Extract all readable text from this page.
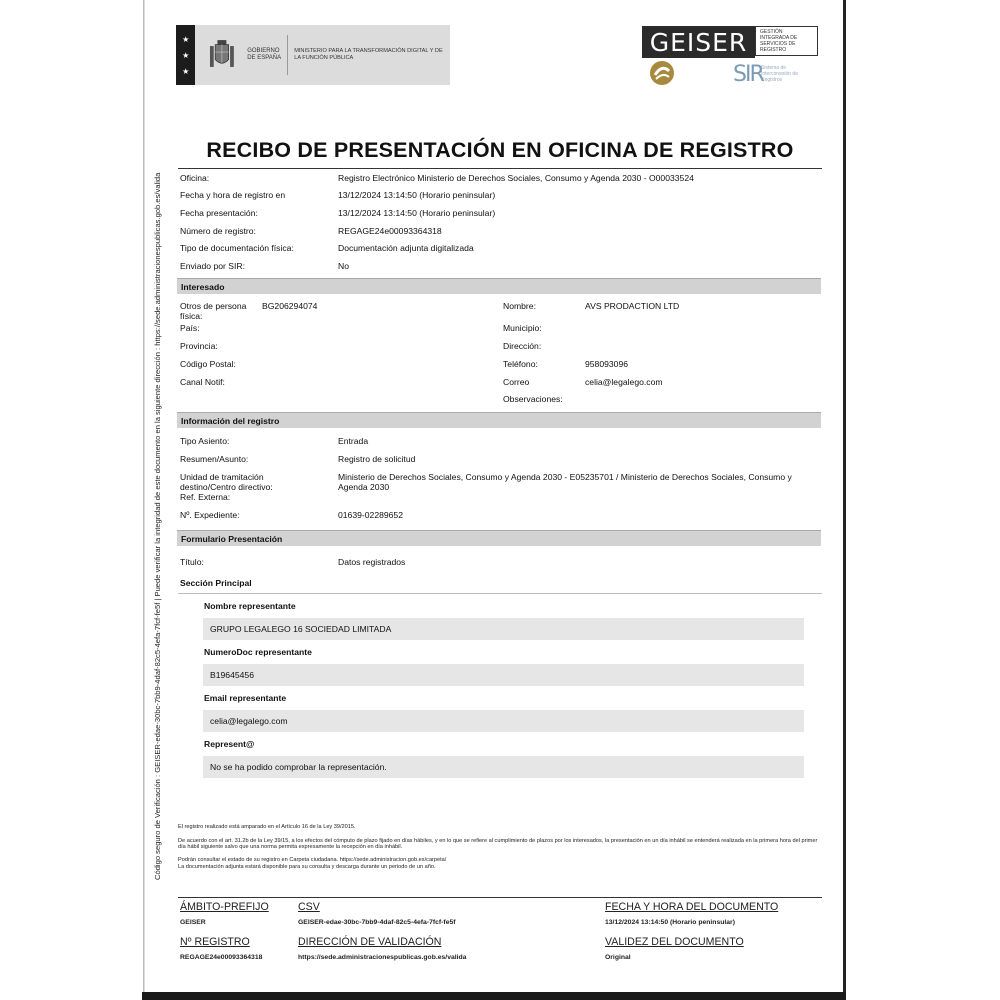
Código seguro de Verificación : GEISER-edae-30bc-7bb9-4daf-82c5-4efa-7fcf-fe5f | Puede verificar la integridad de este documento en la siguiente dirección : https://sede.administracionespublicas.gob.es/valida
★
★
★
GOBIERNO DE ESPAÑA
MINISTERIO PARA LA TRANSFORMACIÓN DIGITAL Y DE LA FUNCIÓN PÚBLICA
GEISER	GESTIÓN INTEGRADA DE SERVICIOS DE REGISTRO
SIR
Sistema de Interconexión de Registros
RECIBO DE PRESENTACIÓN EN OFICINA DE REGISTRO
Oficina:	Registro Electrónico Ministerio de Derechos Sociales, Consumo y Agenda 2030 - O00033524
Fecha y hora de registro en	13/12/2024 13:14:50 (Horario peninsular)
Fecha presentación:	13/12/2024 13:14:50 (Horario peninsular)
Número de registro:	REGAGE24e00093364318
Tipo de documentación física:	Documentación adjunta digitalizada
Enviado por SIR:	No
Interesado
Otros de persona física:
BG206294074	Nombre:	AVS PRODACTION LTD
País:	Municipio:
Provincia:	Dirección:
Código Postal:	Teléfono:	958093096
Canal Notif:	Correo	celia@legalego.com
Observaciones:
Información del registro
Tipo Asiento:	Entrada
Resumen/Asunto:	Registro de solicitud
Unidad de tramitación destino/Centro directivo:
Ministerio de Derechos Sociales, Consumo y Agenda 2030 - E05235701 / Ministerio de Derechos Sociales, Consumo y Agenda 2030
Ref. Externa:
Nº. Expediente:	01639-02289652
Formulario Presentación
Título:	Datos registrados
Sección Principal
Nombre representante
GRUPO LEGALEGO 16 SOCIEDAD LIMITADA
NumeroDoc representante
B19645456
Email representante
celia@legalego.com
Represent@
No se ha podido comprobar la representación.
El registro realizado está amparado en el Artículo 16 de la Ley 39/2015.
De acuerdo con el art. 31.2b de la Ley 39/15, a los efectos del cómputo de plazo fijado en días hábiles, y en lo que se refiere al cumplimiento de plazos por los interesados, la presentación en un día inhábil se entenderá realizada en la primera hora del primer día hábil siguiente salvo que una norma permita expresamente la recepción en día inhábil.
Podrán consultar el estado de su registro en Carpeta ciudadana. https://sede.administracion.gob.es/carpeta/
La documentación adjunta estará disponible para su consulta y descarga durante un periodo de un año.
ÁMBITO-PREFIJO
GEISER
CSV
GEISER-edae-30bc-7bb9-4daf-82c5-4efa-7fcf-fe5f
FECHA Y HORA DEL DOCUMENTO
13/12/2024 13:14:50 (Horario peninsular)
Nº REGISTRO
REGAGE24e00093364318
DIRECCIÓN DE VALIDACIÓN
https://sede.administracionespublicas.gob.es/valida
VALIDEZ DEL DOCUMENTO
Original
